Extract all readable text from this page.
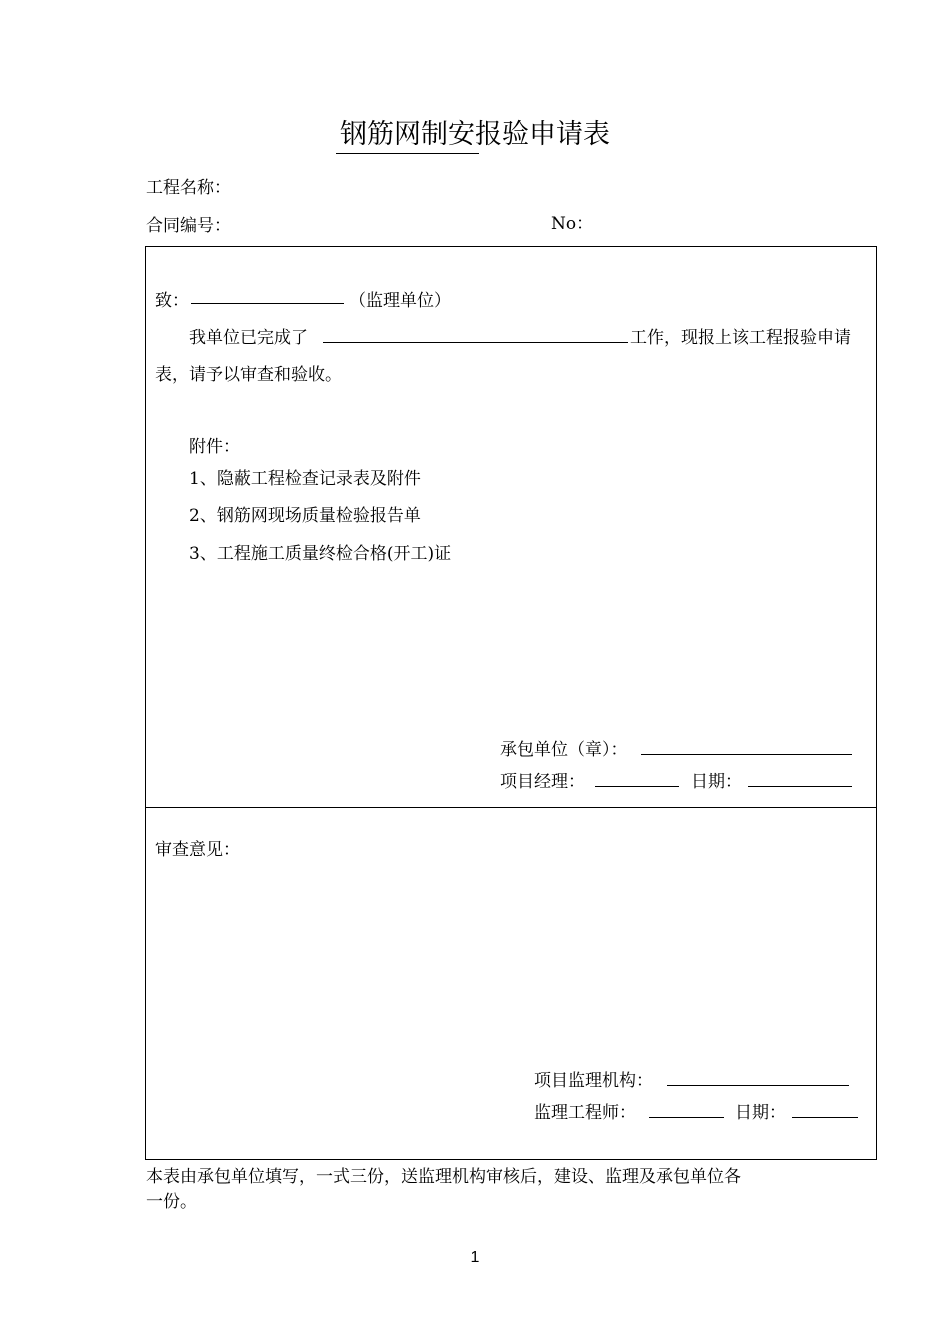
钢筋网制安报验申请表
工程名称：
合同编号：	No：
致：	（监理单位）
我单位已完成了	工作，现报上该工程报验申请
表，请予以审查和验收。
附件：
1、隐蔽工程检查记录表及附件
2、钢筋网现场质量检验报告单
3、工程施工质量终检合格(开工)证
承包单位（章）：
项目经理：	日期：
审查意见：
项目监理机构：
监理工程师：	日期：
本表由承包单位填写，一式三份，送监理机构审核后，建设、监理及承包单位各
一份。
1
